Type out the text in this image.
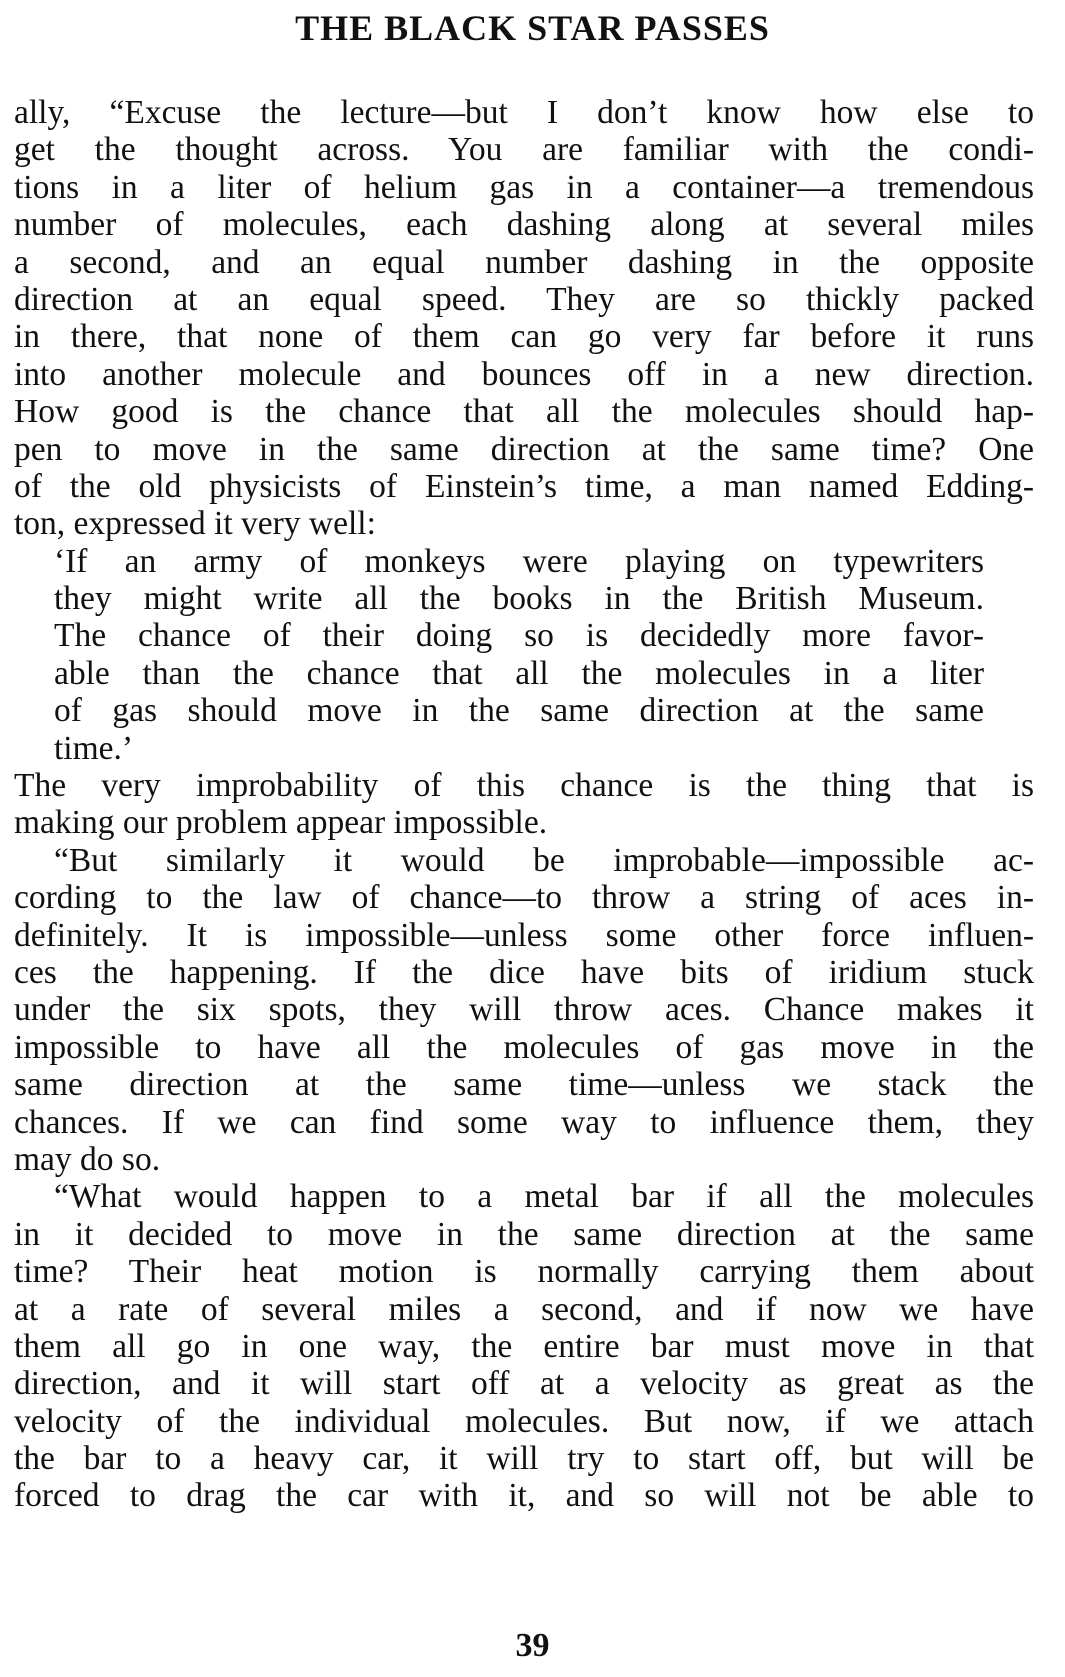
THE BLACK STAR PASSES
ally, “Excuse the lecture—but I don’t know how else to
get the thought across. You are familiar with the condi-
tions in a liter of helium gas in a container—a tremendous
number of molecules, each dashing along at several miles
a second, and an equal number dashing in the opposite
direction at an equal speed. They are so thickly packed
in there, that none of them can go very far before it runs
into another molecule and bounces off in a new direction.
How good is the chance that all the molecules should hap-
pen to move in the same direction at the same time? One
of the old physicists of Einstein’s time, a man named Edding-
ton, expressed it very well:
‘If an army of monkeys were playing on typewriters
they might write all the books in the British Museum.
The chance of their doing so is decidedly more favor-
able than the chance that all the molecules in a liter
of gas should move in the same direction at the same
time.’
The very improbability of this chance is the thing that is
making our problem appear impossible.
“But similarly it would be improbable—impossible ac-
cording to the law of chance—to throw a string of aces in-
definitely. It is impossible—unless some other force influen-
ces the happening. If the dice have bits of iridium stuck
under the six spots, they will throw aces. Chance makes it
impossible to have all the molecules of gas move in the
same direction at the same time—unless we stack the
chances. If we can find some way to influence them, they
may do so.
“What would happen to a metal bar if all the molecules
in it decided to move in the same direction at the same
time? Their heat motion is normally carrying them about
at a rate of several miles a second, and if now we have
them all go in one way, the entire bar must move in that
direction, and it will start off at a velocity as great as the
velocity of the individual molecules. But now, if we attach
the bar to a heavy car, it will try to start off, but will be
forced to drag the car with it, and so will not be able to
39
